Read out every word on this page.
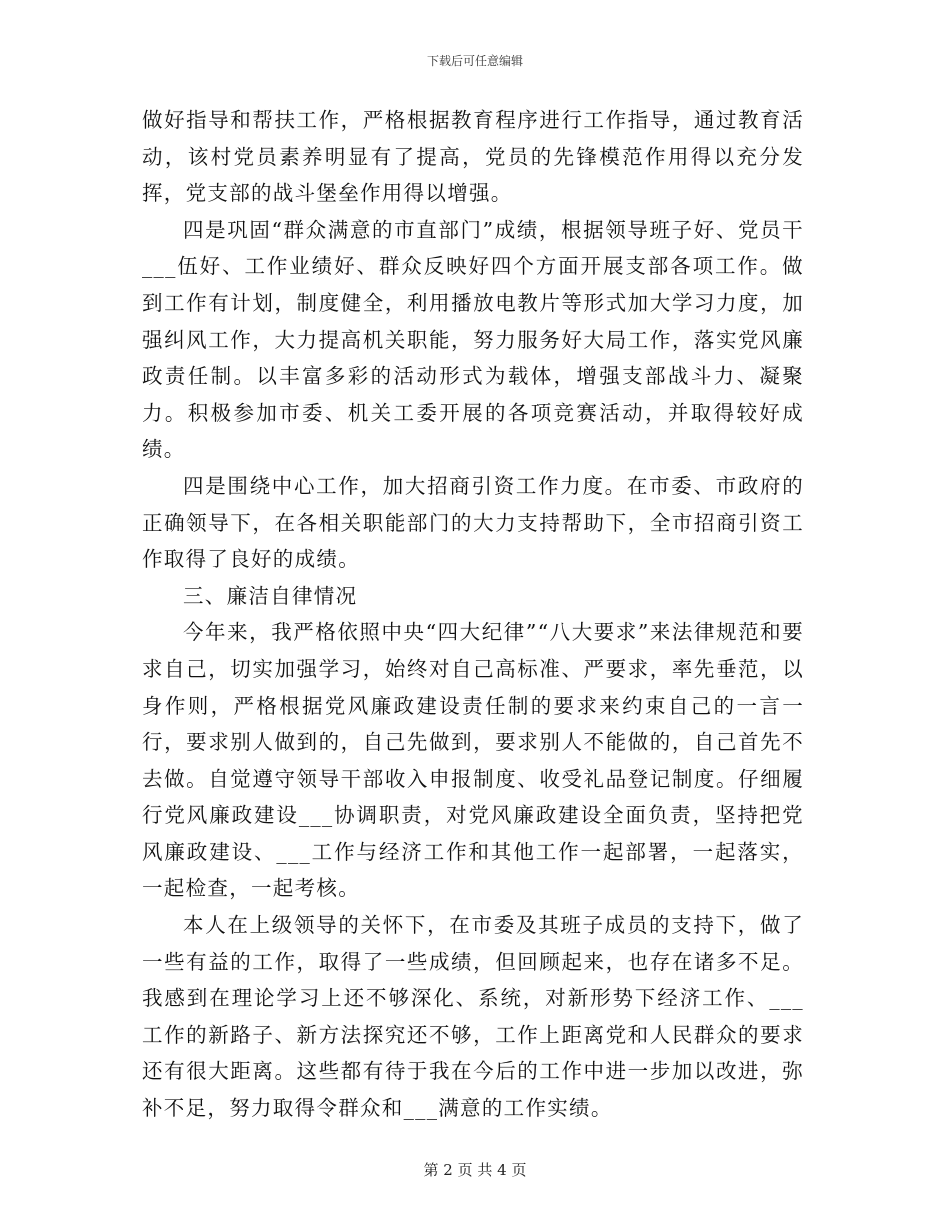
下载后可任意编辑

做好指导和帮扶工作，严格根据教育程序进行工作指导，通过教育活动，该村党员素养明显有了提高，党员的先锋模范作用得以充分发挥，党支部的战斗堡垒作用得以增强。

四是巩固“群众满意的市直部门”成绩，根据领导班子好、党员干___伍好、工作业绩好、群众反映好四个方面开展支部各项工作。做到工作有计划，制度健全，利用播放电教片等形式加大学习力度，加强纠风工作，大力提高机关职能，努力服务好大局工作，落实党风廉政责任制。以丰富多彩的活动形式为载体，增强支部战斗力、凝聚力。积极参加市委、机关工委开展的各项竞赛活动，并取得较好成绩。

四是围绕中心工作，加大招商引资工作力度。在市委、市政府的正确领导下，在各相关职能部门的大力支持帮助下，全市招商引资工作取得了良好的成绩。

三、廉洁自律情况

今年来，我严格依照中央“四大纪律”“八大要求”来法律规范和要求自己，切实加强学习，始终对自己高标准、严要求，率先垂范，以身作则，严格根据党风廉政建设责任制的要求来约束自己的一言一行，要求别人做到的，自己先做到，要求别人不能做的，自己首先不去做。自觉遵守领导干部收入申报制度、收受礼品登记制度。仔细履行党风廉政建设___协调职责，对党风廉政建设全面负责，坚持把党风廉政建设、___工作与经济工作和其他工作一起部署，一起落实，一起检查，一起考核。

本人在上级领导的关怀下，在市委及其班子成员的支持下，做了一些有益的工作，取得了一些成绩，但回顾起来，也存在诸多不足。我感到在理论学习上还不够深化、系统，对新形势下经济工作、___工作的新路子、新方法探究还不够，工作上距离党和人民群众的要求还有很大距离。这些都有待于我在今后的工作中进一步加以改进，弥补不足，努力取得令群众和___满意的工作实绩。

第 2 页 共 4 页
